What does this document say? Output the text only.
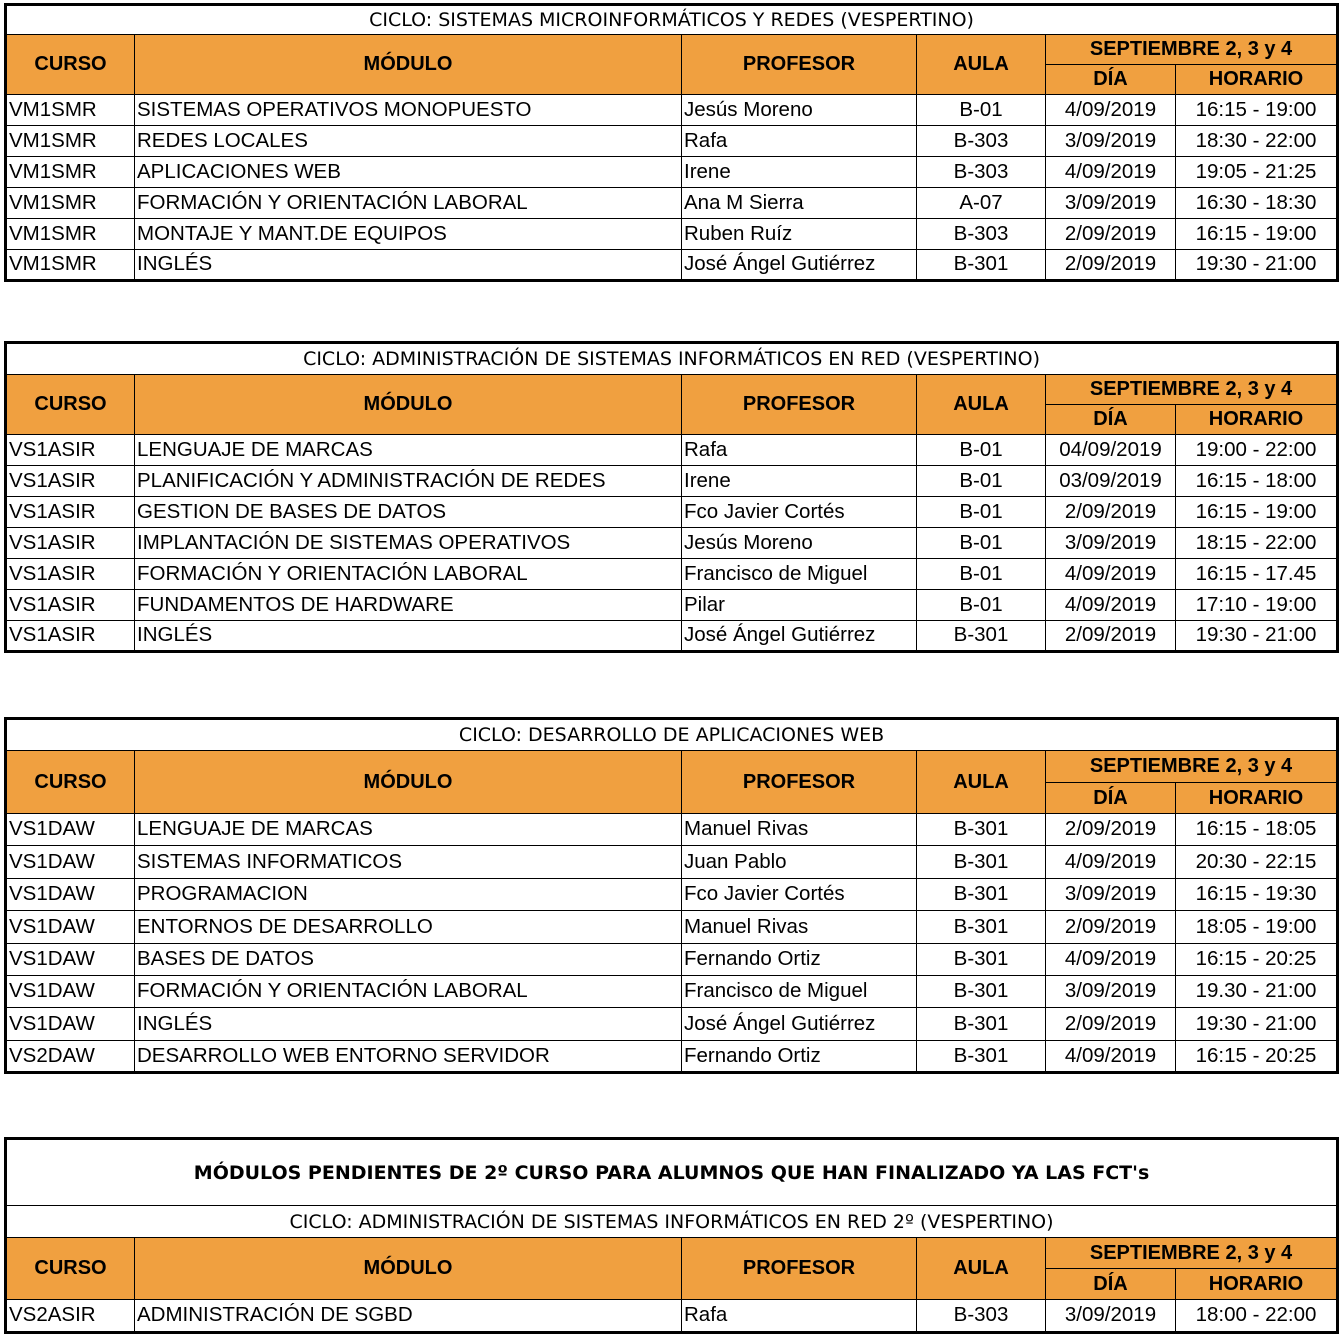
CICLO: SISTEMAS MICROINFORMÁTICOS Y REDES (VESPERTINO)					
CURSO	MÓDULO	PROFESOR	AULA	SEPTIEMBRE 2, 3 y 4	
				DÍA	HORARIO
VM1SMR	SISTEMAS OPERATIVOS MONOPUESTO	Jesús Moreno	B-01	4/09/2019	16:15 - 19:00
VM1SMR	REDES LOCALES	Rafa	B-303	3/09/2019	18:30 - 22:00
VM1SMR	APLICACIONES WEB	Irene	B-303	4/09/2019	19:05 - 21:25
VM1SMR	FORMACIÓN Y ORIENTACIÓN LABORAL	Ana M Sierra	A-07	3/09/2019	16:30 - 18:30
VM1SMR	MONTAJE Y MANT.DE EQUIPOS	Ruben Ruíz	B-303	2/09/2019	16:15 - 19:00
VM1SMR	INGLÉS	José Ángel Gutiérrez	B-301	2/09/2019	19:30 - 21:00
CICLO: ADMINISTRACIÓN DE SISTEMAS INFORMÁTICOS EN RED (VESPERTINO)					
CURSO	MÓDULO	PROFESOR	AULA	SEPTIEMBRE 2, 3 y 4	
				DÍA	HORARIO
VS1ASIR	LENGUAJE DE MARCAS	Rafa	B-01	04/09/2019	19:00 - 22:00
VS1ASIR	PLANIFICACIÓN Y ADMINISTRACIÓN DE REDES	Irene	B-01	03/09/2019	16:15 - 18:00
VS1ASIR	GESTION DE BASES DE DATOS	Fco Javier Cortés	B-01	2/09/2019	16:15 - 19:00
VS1ASIR	IMPLANTACIÓN DE SISTEMAS OPERATIVOS	Jesús Moreno	B-01	3/09/2019	18:15 - 22:00
VS1ASIR	FORMACIÓN Y ORIENTACIÓN LABORAL	Francisco de Miguel	B-01	4/09/2019	16:15 - 17.45
VS1ASIR	FUNDAMENTOS DE HARDWARE	Pilar	B-01	4/09/2019	17:10 - 19:00
VS1ASIR	INGLÉS	José Ángel Gutiérrez	B-301	2/09/2019	19:30 - 21:00
CICLO: DESARROLLO DE APLICACIONES WEB					
CURSO	MÓDULO	PROFESOR	AULA	SEPTIEMBRE 2, 3 y 4	
				DÍA	HORARIO
VS1DAW	LENGUAJE DE MARCAS	Manuel Rivas	B-301	2/09/2019	16:15 - 18:05
VS1DAW	SISTEMAS INFORMATICOS	Juan Pablo	B-301	4/09/2019	20:30 - 22:15
VS1DAW	PROGRAMACION	Fco Javier Cortés	B-301	3/09/2019	16:15 - 19:30
VS1DAW	ENTORNOS DE DESARROLLO	Manuel Rivas	B-301	2/09/2019	18:05 - 19:00
VS1DAW	BASES DE DATOS	Fernando Ortiz	B-301	4/09/2019	16:15 - 20:25
VS1DAW	FORMACIÓN Y ORIENTACIÓN LABORAL	Francisco de Miguel	B-301	3/09/2019	19.30 - 21:00
VS1DAW	INGLÉS	José Ángel Gutiérrez	B-301	2/09/2019	19:30 - 21:00
VS2DAW	DESARROLLO WEB ENTORNO SERVIDOR	Fernando Ortiz	B-301	4/09/2019	16:15 - 20:25
MÓDULOS PENDIENTES DE 2º CURSO PARA ALUMNOS QUE HAN FINALIZADO YA LAS FCT's					
CICLO: ADMINISTRACIÓN DE SISTEMAS INFORMÁTICOS EN RED 2º (VESPERTINO)					
CURSO	MÓDULO	PROFESOR	AULA	SEPTIEMBRE 2, 3 y 4	
				DÍA	HORARIO
VS2ASIR	ADMINISTRACIÓN DE SGBD	Rafa	B-303	3/09/2019	18:00 - 22:00
